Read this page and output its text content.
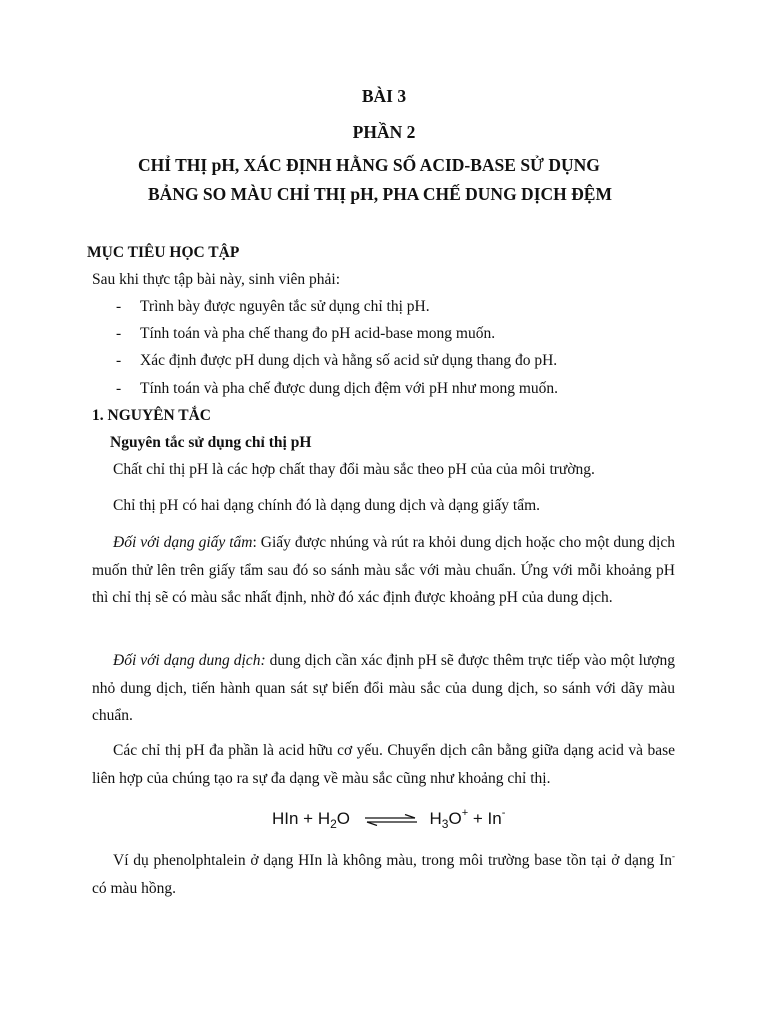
BÀI 3
PHẦN 2
CHỈ THỊ pH, XÁC ĐỊNH HẰNG SỐ ACID-BASE SỬ DỤNG
BẢNG SO MÀU CHỈ THỊ pH, PHA CHẾ DUNG DỊCH ĐỆM
MỤC TIÊU HỌC TẬP
Sau khi thực tập bài này, sinh viên phải:
- Trình bày được nguyên tắc sử dụng chỉ thị pH.
- Tính toán và pha chế thang đo pH acid-base mong muốn.
- Xác định được pH dung dịch và hằng số acid sử dụng thang đo pH.
- Tính toán và pha chế được dung dịch đệm với pH như mong muốn.
1. NGUYÊN TẮC
Nguyên tắc sử dụng chỉ thị pH
Chất chỉ thị pH là các hợp chất thay đổi màu sắc theo pH của của môi trường.
Chỉ thị pH có hai dạng chính đó là dạng dung dịch và dạng giấy tẩm.
Đối với dạng giấy tẩm: Giấy được nhúng và rút ra khỏi dung dịch hoặc cho một dung dịch muốn thử lên trên giấy tẩm sau đó so sánh màu sắc với màu chuẩn. Ứng với mỗi khoảng pH thì chỉ thị sẽ có màu sắc nhất định, nhờ đó xác định được khoảng pH của dung dịch.
Đối với dạng dung dịch: dung dịch cần xác định pH sẽ được thêm trực tiếp vào một lượng nhỏ dung dịch, tiến hành quan sát sự biến đổi màu sắc của dung dịch, so sánh với dãy màu chuẩn.
Các chỉ thị pH đa phần là acid hữu cơ yếu. Chuyển dịch cân bằng giữa dạng acid và base liên hợp của chúng tạo ra sự đa dạng về màu sắc cũng như khoảng chỉ thị.
HIn + $H_2O$ ⇌ $H_3O^+ + In^-$
Ví dụ phenolphtalein ở dạng HIn là không màu, trong môi trường base tồn tại ở dạng In- có màu hồng.
